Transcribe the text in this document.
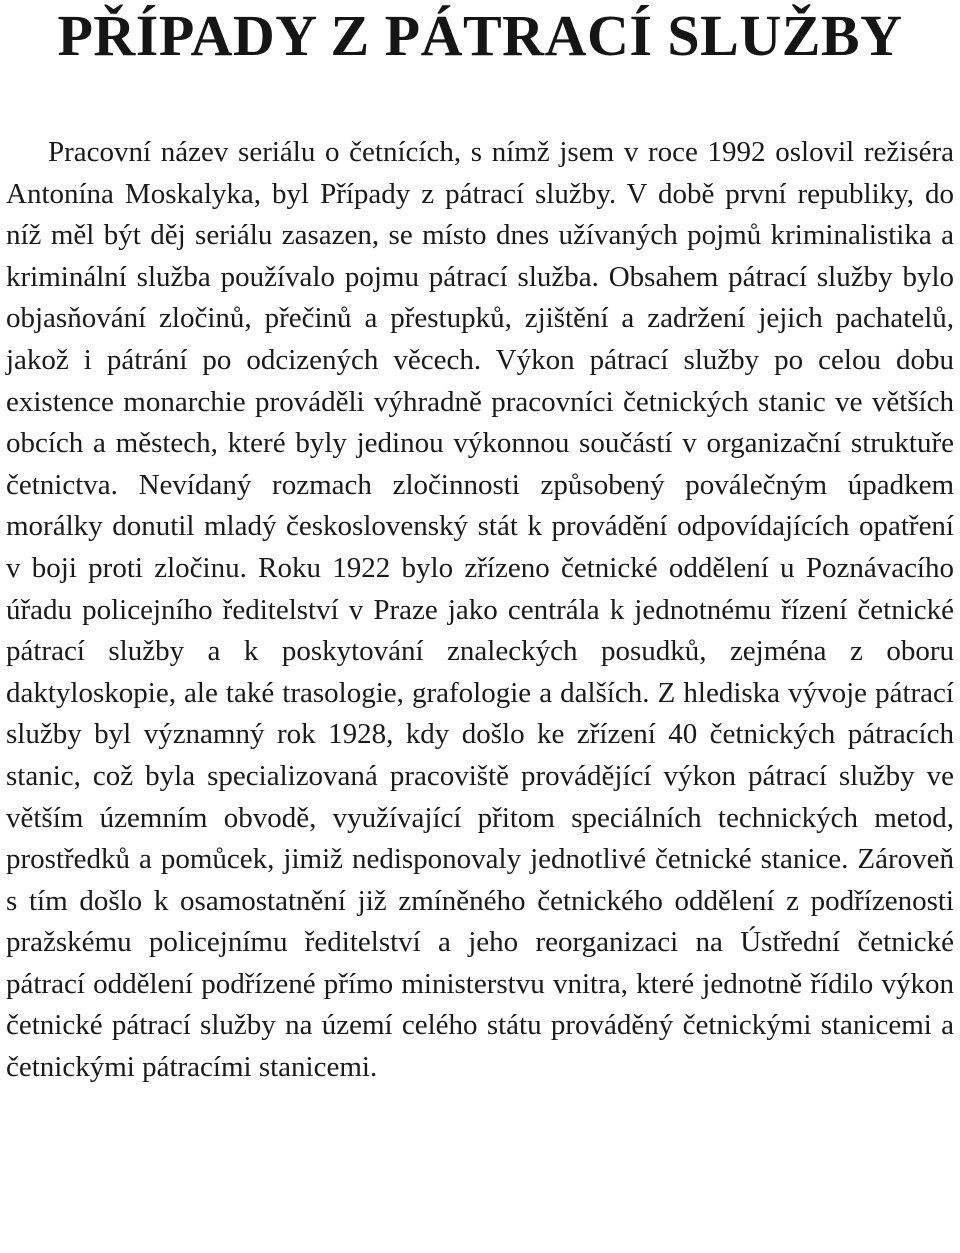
PŘÍPADY Z PÁTRACÍ SLUŽBY

Pracovní název seriálu o četnících, s nímž jsem v roce 1992 oslovil režiséra Antonína Moskalyka, byl Případy z pátrací služby. V době první republiky, do níž měl být děj seriálu zasazen, se místo dnes užívaných pojmů kriminalistika a kriminální služba používalo pojmu pátrací služba. Obsahem pátrací služby bylo objasňování zločinů, přečinů a přestupků, zjištění a zadržení jejich pachatelů, jakož i pátrání po odcizených věcech. Výkon pátrací služby po celou dobu existence monarchie prováděli výhradně pracovníci četnických stanic ve větších obcích a městech, které byly jedinou výkonnou součástí v organizační struktuře četnictva. Nevídaný rozmach zločinnosti způsobený poválečným úpadkem morálky donutil mladý československý stát k provádění odpovídajících opatření v boji proti zločinu. Roku 1922 bylo zřízeno četnické oddělení u Poznávacího úřadu policejního ředitelství v Praze jako centrála k jednotnému řízení četnické pátrací služby a k poskytování znaleckých posudků, zejména z oboru daktyloskopie, ale také trasologie, grafologie a dalších. Z hlediska vývoje pátrací služby byl významný rok 1928, kdy došlo ke zřízení 40 četnických pátracích stanic, což byla specializovaná pracoviště provádějící výkon pátrací služby ve větším územním obvodě, využívající přitom speciálních technických metod, prostředků a pomůcek, jimiž nedisponovaly jednotlivé četnické stanice. Zároveň s tím došlo k osamostatnění již zmíněného četnického oddělení z podřízenosti pražskému policejnímu ředitelství a jeho reorganizaci na Ústřední četnické pátrací oddělení podřízené přímo ministerstvu vnitra, které jednotně řídilo výkon četnické pátrací služby na území celého státu prováděný četnickými stanicemi a četnickými pátracími stanicemi.
